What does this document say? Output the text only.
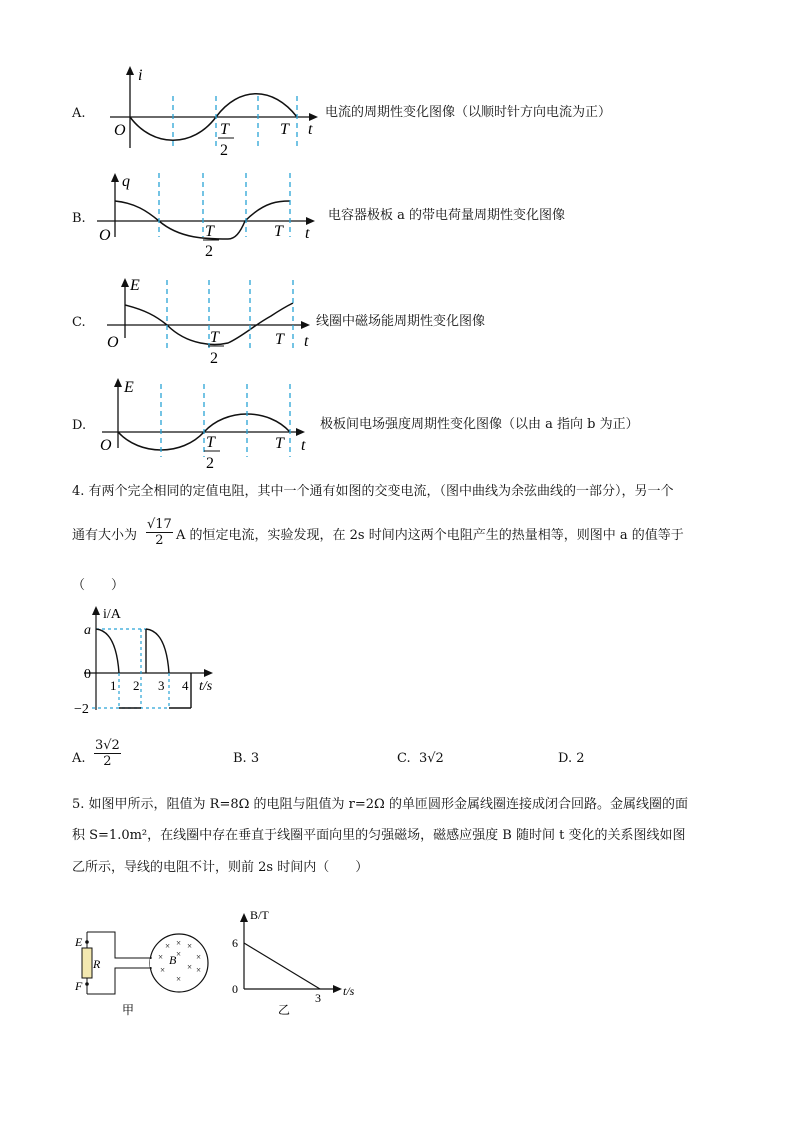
A.
i
O	T
2
T t
电流的周期性变化图像（以顺时针方向电流为正）
B.
q
O	T
2
T t
电容器极板 a 的带电荷量周期性变化图像
C.
E
O	T
2
T t
线圈中磁场能周期性变化图像
D.
E
O	T
2
T t
极板间电场强度周期性变化图像（以由 a 指向 b 为正）
4. 有两个完全相同的定值电阻，其中一个通有如图的交变电流，（图中曲线为余弦曲线的一部分），另一个
通有大小为 $\frac{√17}{2}$ A 的恒定电流，实验发现，在 2s 时间内这两个电阻产生的热量相等，则图中 a 的值等于
（　　）
i/A
a
0
−2
1 2 3 4 t/s
A. $\frac{3√2}{2}$	B. 3	C. 3√2	D. 2
5. 如图甲所示，阻值为 R=8Ω 的电阻与阻值为 r=2Ω 的单匝圆形金属线圈连接成闭合回路。金属线圈的面
积 S=1.0m²，在线圈中存在垂直于线圈平面向里的匀强磁场，磁感应强度 B 随时间 t 变化的关系图线如图
乙所示，导线的电阻不计，则前 2s 时间内（　　）
E
F
R	B
× × ×
× × ×
× × ×
×
甲
B/T
6
0
3 t/s
乙
